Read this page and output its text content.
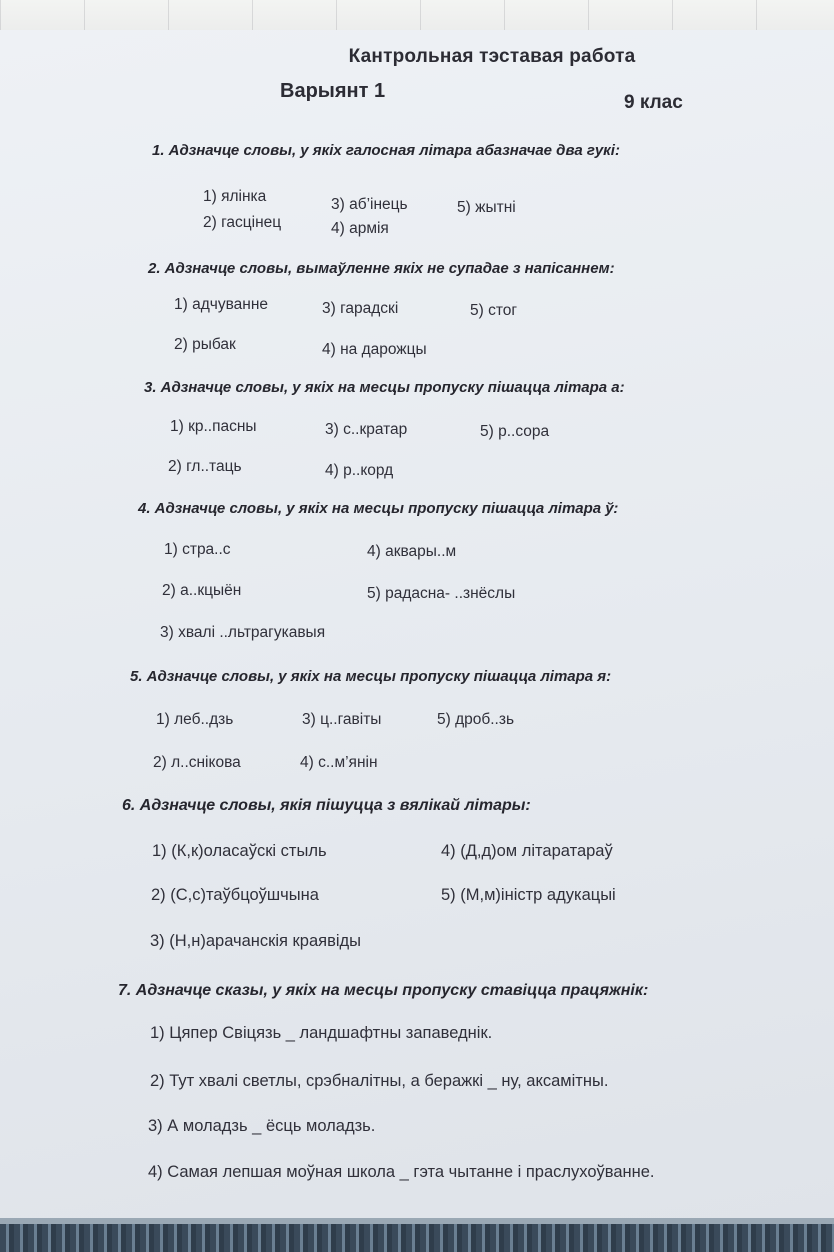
Кантрольная тэставая работа
Варыянт 1
9 клас
1. Адзначце словы, у якіх галосная літара абазначае два гукі:
1) ялінка
2) гасцінец
3) аб’інець
4) армія
5) жытні
2. Адзначце словы, вымаўленне якіх не супадае з напісаннем:
1) адчуванне
2) рыбак
3) гарадскі
4) на дарожцы
5) стог
3. Адзначце словы, у якіх на месцы пропуску пішацца літара а:
1) кр..пасны
2) гл..таць
3) с..кратар
4) р..корд
5) р..сора
4. Адзначце словы, у якіх на месцы пропуску пішацца літара ў:
1) стра..с
2) а..кцыён
3) хвалі ..льтрагукавыя
4) аквары..м
5) радасна- ..знёслы
5. Адзначце словы, у якіх на месцы пропуску пішацца літара я:
1) леб..дзь
2) л..снікова
3) ц..гавіты
4) с..м’янін
5) дроб..зь
6. Адзначце словы, якія пішуцца з вялікай літары:
1) (К,к)оласаўскі стыль
2) (С,с)таўбцоўшчына
3) (Н,н)арачанскія краявіды
4) (Д,д)ом літаратараў
5) (М,м)іністр адукацыі
7. Адзначце сказы, у якіх на месцы пропуску ставіцца працяжнік:
1) Цяпер Свіцязь _ ландшафтны запаведнік.
2) Тут хвалі светлы, срэбналітны, а беражкі _ ну, аксамітны.
3) А моладзь _ ёсць моладзь.
4) Самая лепшая моўная школа _ гэта чытанне і праслухоўванне.
